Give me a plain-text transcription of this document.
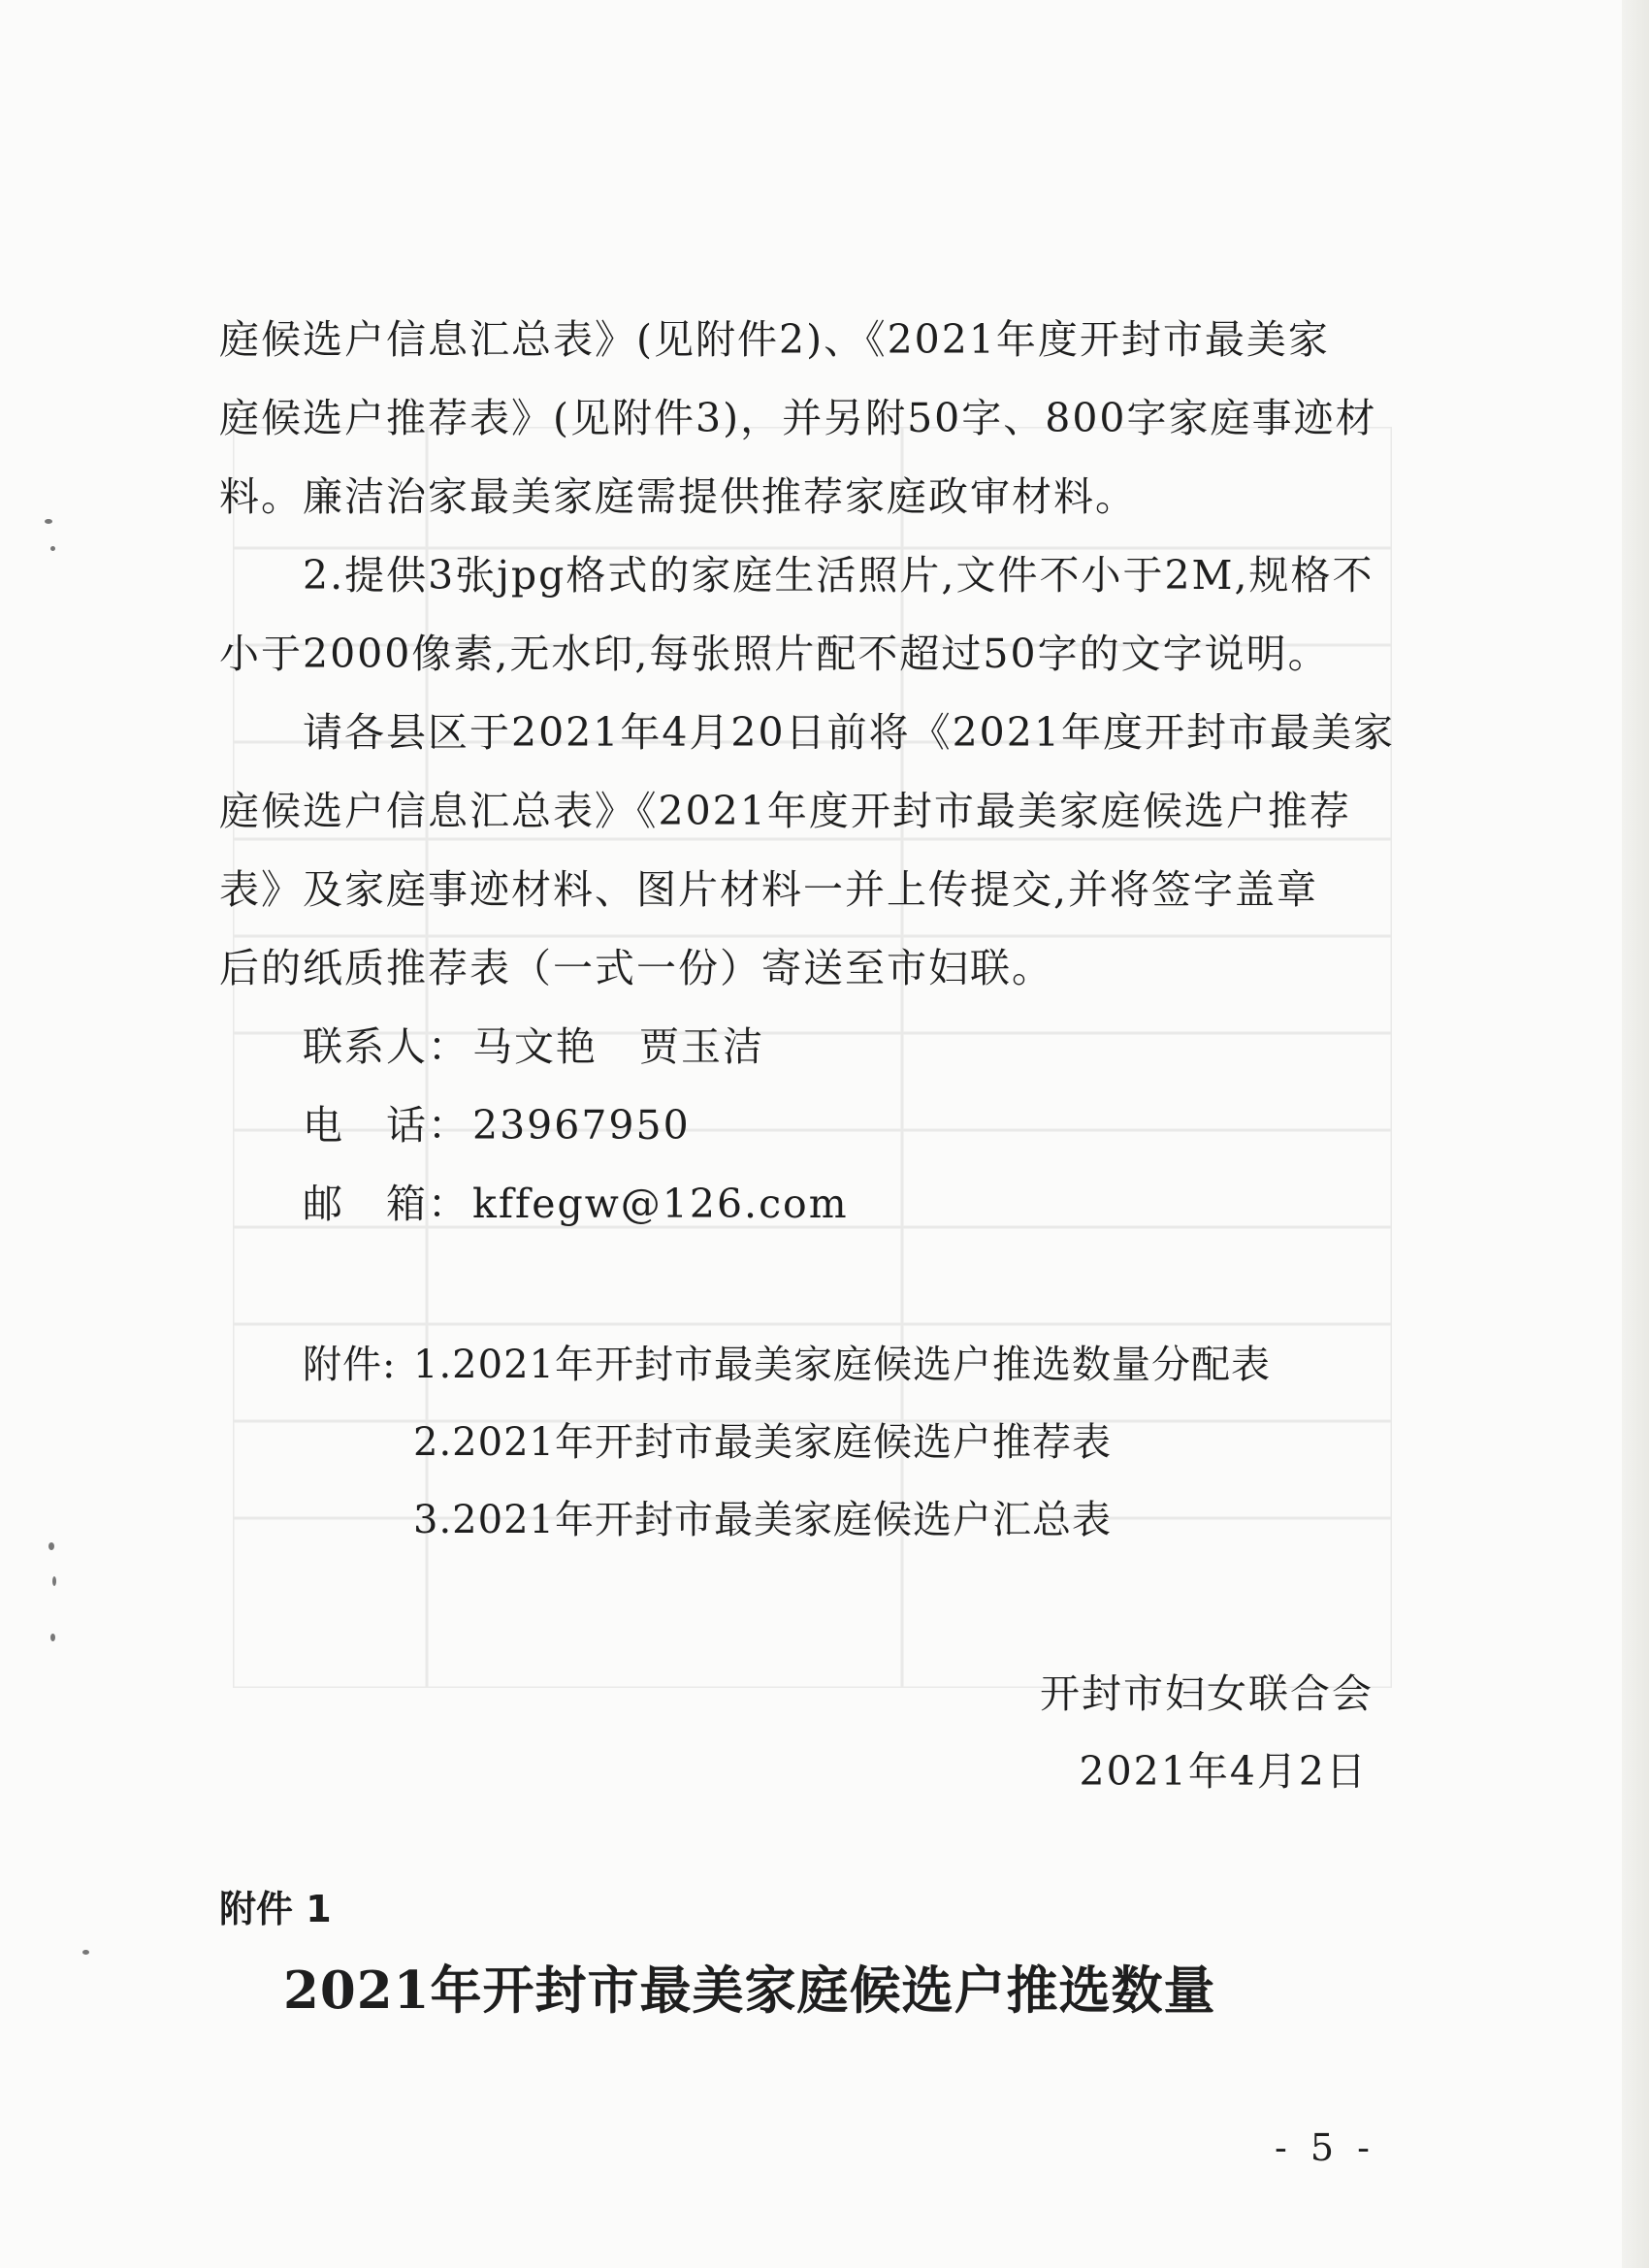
庭候选户信息汇总表》(见附件2)、《2021年度开封市最美家
庭候选户推荐表》(见附件3)，并另附50字、800字家庭事迹材
料。廉洁治家最美家庭需提供推荐家庭政审材料。
2.提供3张jpg格式的家庭生活照片,文件不小于2M,规格不
小于2000像素,无水印,每张照片配不超过50字的文字说明。
请各县区于2021年4月20日前将《2021年度开封市最美家
庭候选户信息汇总表》《2021年度开封市最美家庭候选户推荐
表》及家庭事迹材料、图片材料一并上传提交,并将签字盖章
后的纸质推荐表（一式一份）寄送至市妇联。
联系人：马文艳　贾玉洁
电　话：23967950
邮　箱：kffegw@126.com
附件: 1.2021年开封市最美家庭候选户推选数量分配表
2.2021年开封市最美家庭候选户推荐表
3.2021年开封市最美家庭候选户汇总表
开封市妇女联合会
2021年4月2日
附件 1
2021年开封市最美家庭候选户推选数量
- 5 -
